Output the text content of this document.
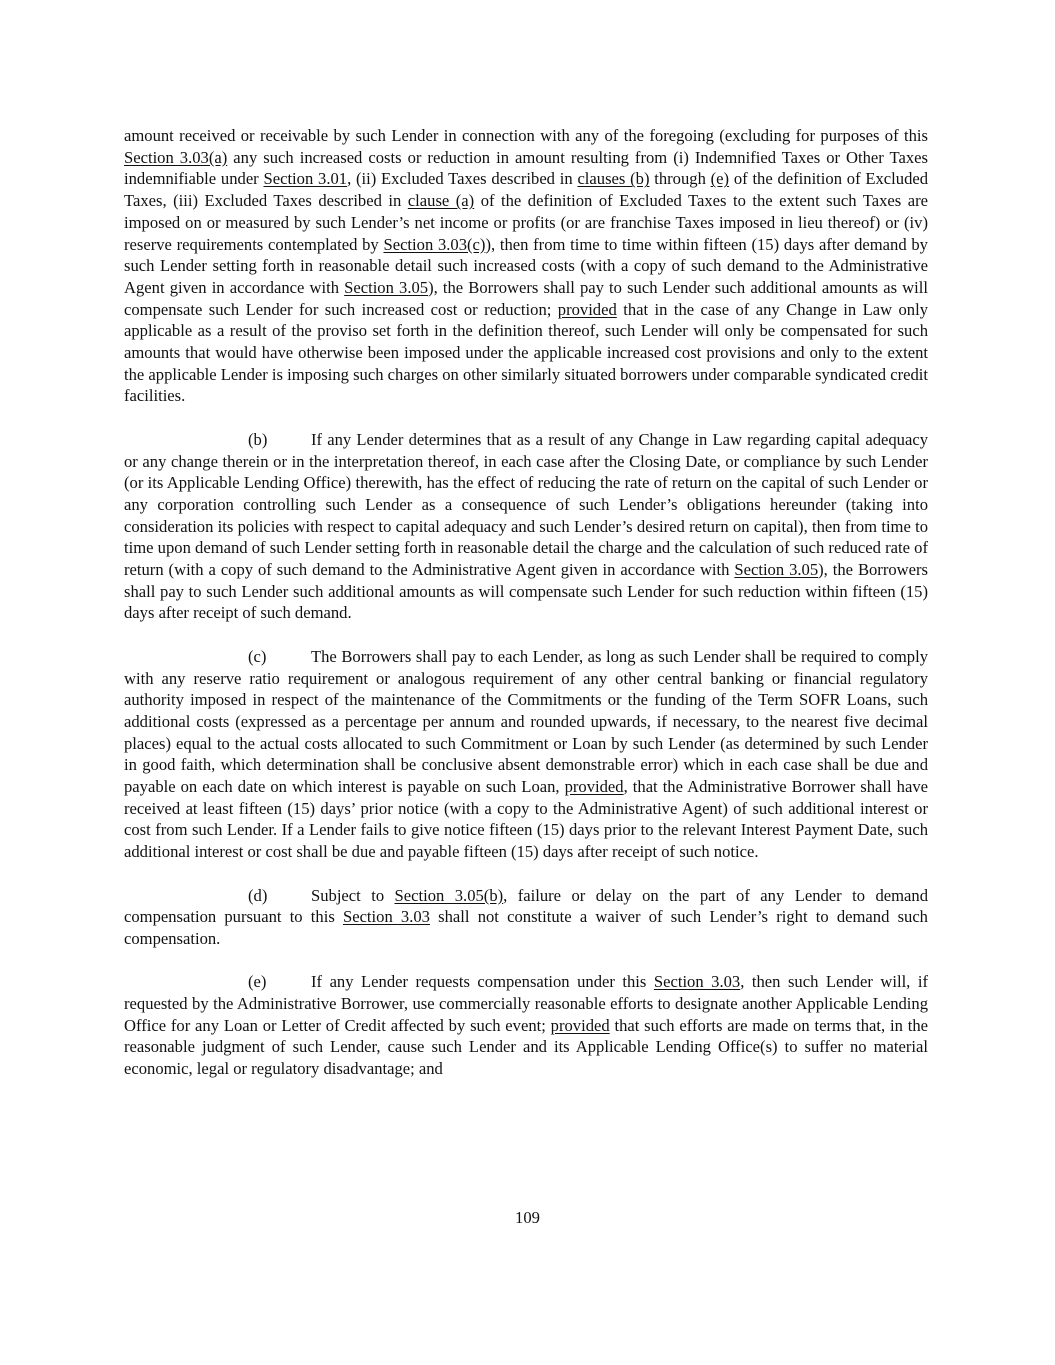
amount received or receivable by such Lender in connection with any of the foregoing (excluding for purposes of this Section 3.03(a) any such increased costs or reduction in amount resulting from (i) Indemnified Taxes or Other Taxes indemnifiable under Section 3.01, (ii) Excluded Taxes described in clauses (b) through (e) of the definition of Excluded Taxes, (iii) Excluded Taxes described in clause (a) of the definition of Excluded Taxes to the extent such Taxes are imposed on or measured by such Lender’s net income or profits (or are franchise Taxes imposed in lieu thereof) or (iv) reserve requirements contemplated by Section 3.03(c)), then from time to time within fifteen (15) days after demand by such Lender setting forth in reasonable detail such increased costs (with a copy of such demand to the Administrative Agent given in accordance with Section 3.05), the Borrowers shall pay to such Lender such additional amounts as will compensate such Lender for such increased cost or reduction; provided that in the case of any Change in Law only applicable as a result of the proviso set forth in the definition thereof, such Lender will only be compensated for such amounts that would have otherwise been imposed under the applicable increased cost provisions and only to the extent the applicable Lender is imposing such charges on other similarly situated borrowers under comparable syndicated credit facilities.

(b)	If any Lender determines that as a result of any Change in Law regarding capital adequacy or any change therein or in the interpretation thereof, in each case after the Closing Date, or compliance by such Lender (or its Applicable Lending Office) therewith, has the effect of reducing the rate of return on the capital of such Lender or any corporation controlling such Lender as a consequence of such Lender’s obligations hereunder (taking into consideration its policies with respect to capital adequacy and such Lender’s desired return on capital), then from time to time upon demand of such Lender setting forth in reasonable detail the charge and the calculation of such reduced rate of return (with a copy of such demand to the Administrative Agent given in accordance with Section 3.05), the Borrowers shall pay to such Lender such additional amounts as will compensate such Lender for such reduction within fifteen (15) days after receipt of such demand.

(c)	The Borrowers shall pay to each Lender, as long as such Lender shall be required to comply with any reserve ratio requirement or analogous requirement of any other central banking or financial regulatory authority imposed in respect of the maintenance of the Commitments or the funding of the Term SOFR Loans, such additional costs (expressed as a percentage per annum and rounded upwards, if necessary, to the nearest five decimal places) equal to the actual costs allocated to such Commitment or Loan by such Lender (as determined by such Lender in good faith, which determination shall be conclusive absent demonstrable error) which in each case shall be due and payable on each date on which interest is payable on such Loan, provided, that the Administrative Borrower shall have received at least fifteen (15) days’ prior notice (with a copy to the Administrative Agent) of such additional interest or cost from such Lender. If a Lender fails to give notice fifteen (15) days prior to the relevant Interest Payment Date, such additional interest or cost shall be due and payable fifteen (15) days after receipt of such notice.

(d)	Subject to Section 3.05(b), failure or delay on the part of any Lender to demand compensation pursuant to this Section 3.03 shall not constitute a waiver of such Lender’s right to demand such compensation.

(e)	If any Lender requests compensation under this Section 3.03, then such Lender will, if requested by the Administrative Borrower, use commercially reasonable efforts to designate another Applicable Lending Office for any Loan or Letter of Credit affected by such event; provided that such efforts are made on terms that, in the reasonable judgment of such Lender, cause such Lender and its Applicable Lending Office(s) to suffer no material economic, legal or regulatory disadvantage; and

109
